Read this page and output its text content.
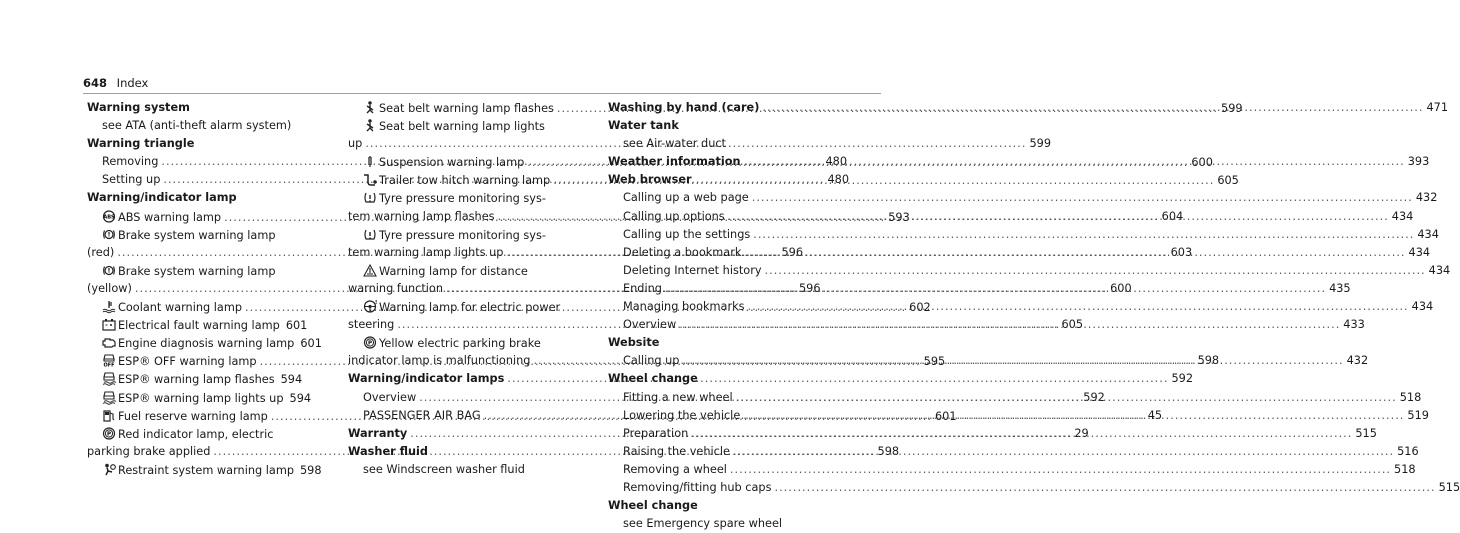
648 Index
Warning system
see ATA (anti-theft alarm system)
Warning triangle
Removing .....	480
Setting up .....	480
Warning/indicator lamp
ABS ABS warning lamp .....	593
! Brake system warning lamp
(red) .....	596
! Brake system warning lamp
(yellow) .....	596
Coolant warning lamp .....	602
Electrical fault warning lamp 601
Engine diagnosis warning lamp 601
OFF ESP® OFF warning lamp .....	595
ESP® warning lamp flashes 594
ESP® warning lamp lights up 594
Fuel reserve warning lamp .....	601
P Red indicator lamp, electric
parking brake applied .....	598
Restraint system warning lamp 598
Seat belt warning lamp flashes .....	599
Seat belt warning lamp lights
up .....	599
Suspension warning lamp .....	600
Trailer tow hitch warning lamp .....	605
Tyre pressure monitoring sys-
tem warning lamp flashes .....	604
Tyre pressure monitoring sys-
tem warning lamp lights up .....	603
Warning lamp for distance
warning function .....	600
! Warning lamp for electric power
steering .....	605
P Yellow electric parking brake
indicator lamp is malfunctioning .....	598
Warning/indicator lamps .....	592
Overview .....	592
PASSENGER AIR BAG .....	45
Warranty .....	29
Washer fluid
see Windscreen washer fluid
Washing by hand (care) .....	471
Water tank
see Air-water duct
Weather information .....	393
Web browser
Calling up a web page .....	432
Calling up options .....	434
Calling up the settings .....	434
Deleting a bookmark .....	434
Deleting Internet history .....	434
Ending .....	435
Managing bookmarks .....	434
Overview .....	433
Website
Calling up .....	432
Wheel change
Fitting a new wheel .....	518
Lowering the vehicle .....	519
Preparation .....	515
Raising the vehicle .....	516
Removing a wheel .....	518
Removing/fitting hub caps .....	515
Wheel change
see Emergency spare wheel
